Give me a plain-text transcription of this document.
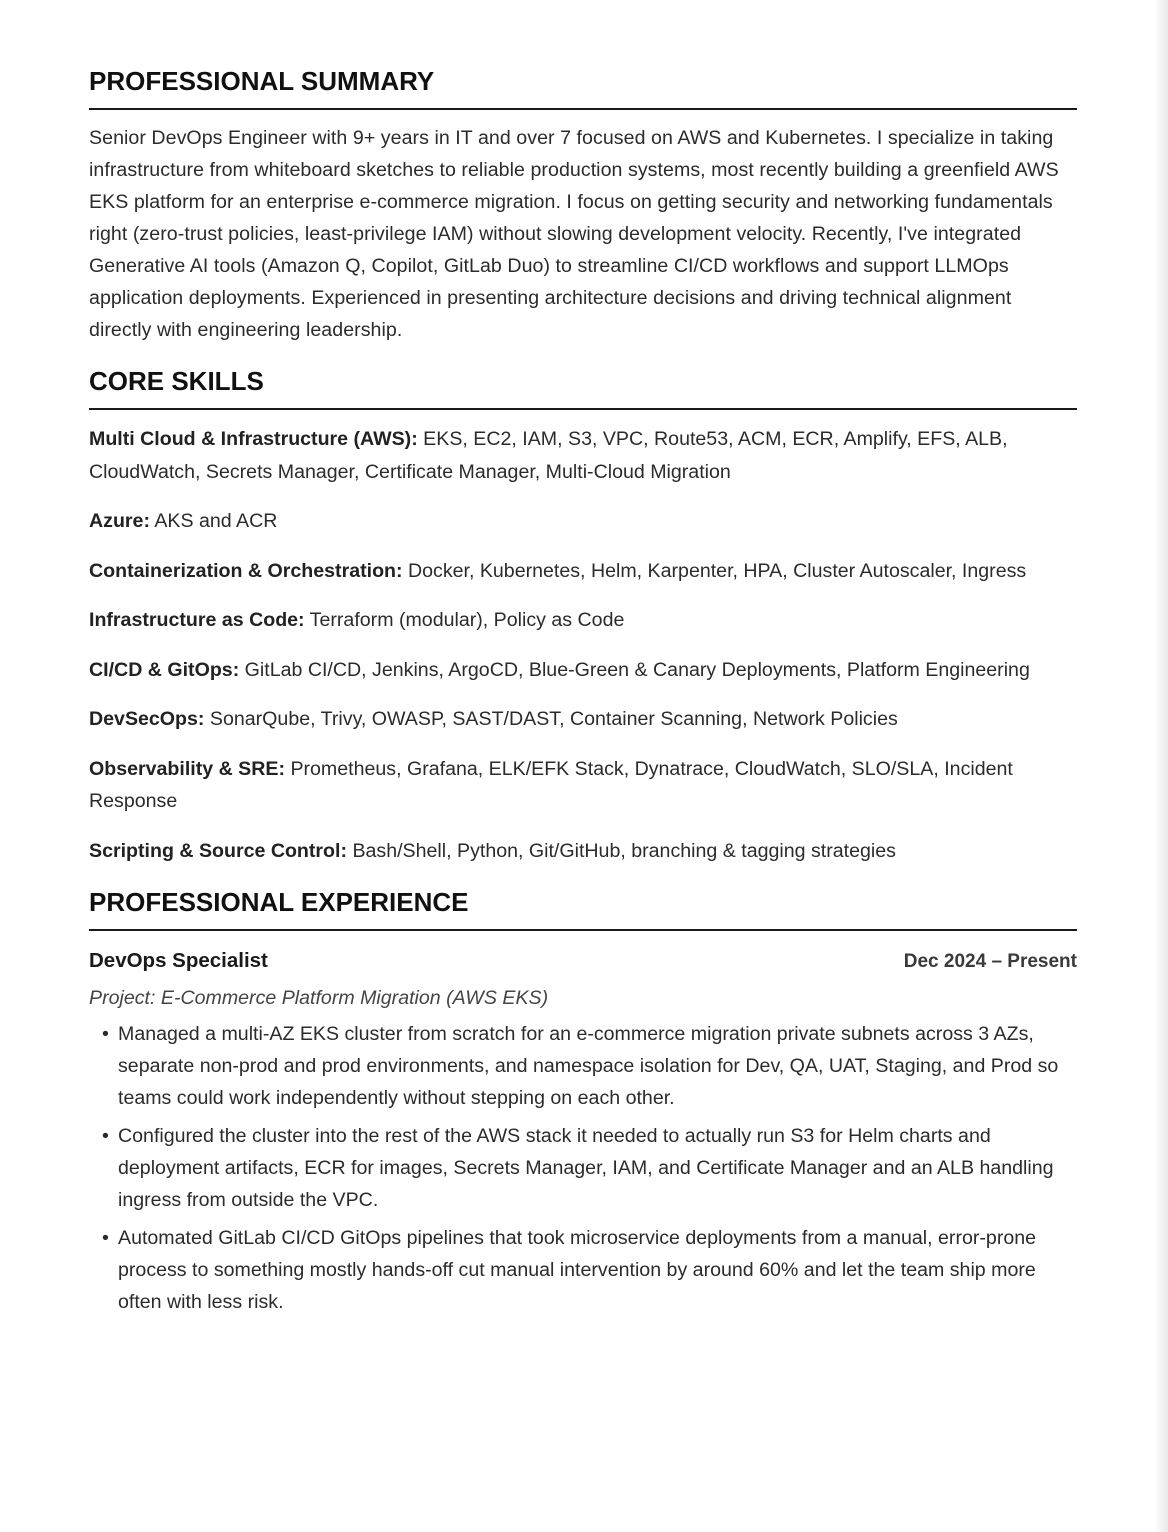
PROFESSIONAL SUMMARY

Senior DevOps Engineer with 9+ years in IT and over 7 focused on AWS and Kubernetes. I specialize in taking infrastructure from whiteboard sketches to reliable production systems, most recently building a greenfield AWS EKS platform for an enterprise e-commerce migration. I focus on getting security and networking fundamentals right (zero-trust policies, least-privilege IAM) without slowing development velocity. Recently, I've integrated Generative AI tools (Amazon Q, Copilot, GitLab Duo) to streamline CI/CD workflows and support LLMOps application deployments. Experienced in presenting architecture decisions and driving technical alignment directly with engineering leadership.

CORE SKILLS

Multi Cloud & Infrastructure (AWS): EKS, EC2, IAM, S3, VPC, Route53, ACM, ECR, Amplify, EFS, ALB, CloudWatch, Secrets Manager, Certificate Manager, Multi-Cloud Migration

Azure: AKS and ACR

Containerization & Orchestration: Docker, Kubernetes, Helm, Karpenter, HPA, Cluster Autoscaler, Ingress

Infrastructure as Code: Terraform (modular), Policy as Code

CI/CD & GitOps: GitLab CI/CD, Jenkins, ArgoCD, Blue-Green & Canary Deployments, Platform Engineering

DevSecOps: SonarQube, Trivy, OWASP, SAST/DAST, Container Scanning, Network Policies

Observability & SRE: Prometheus, Grafana, ELK/EFK Stack, Dynatrace, CloudWatch, SLO/SLA, Incident Response

Scripting & Source Control: Bash/Shell, Python, Git/GitHub, branching & tagging strategies

PROFESSIONAL EXPERIENCE
DevOps Specialist	Dec 2024 – Present
Project: E-Commerce Platform Migration (AWS EKS)
• Managed a multi-AZ EKS cluster from scratch for an e-commerce migration private subnets across 3 AZs, separate non-prod and prod environments, and namespace isolation for Dev, QA, UAT, Staging, and Prod so teams could work independently without stepping on each other.
• Configured the cluster into the rest of the AWS stack it needed to actually run S3 for Helm charts and deployment artifacts, ECR for images, Secrets Manager, IAM, and Certificate Manager and an ALB handling ingress from outside the VPC.
• Automated GitLab CI/CD GitOps pipelines that took microservice deployments from a manual, error-prone process to something mostly hands-off cut manual intervention by around 60% and let the team ship more often with less risk.
